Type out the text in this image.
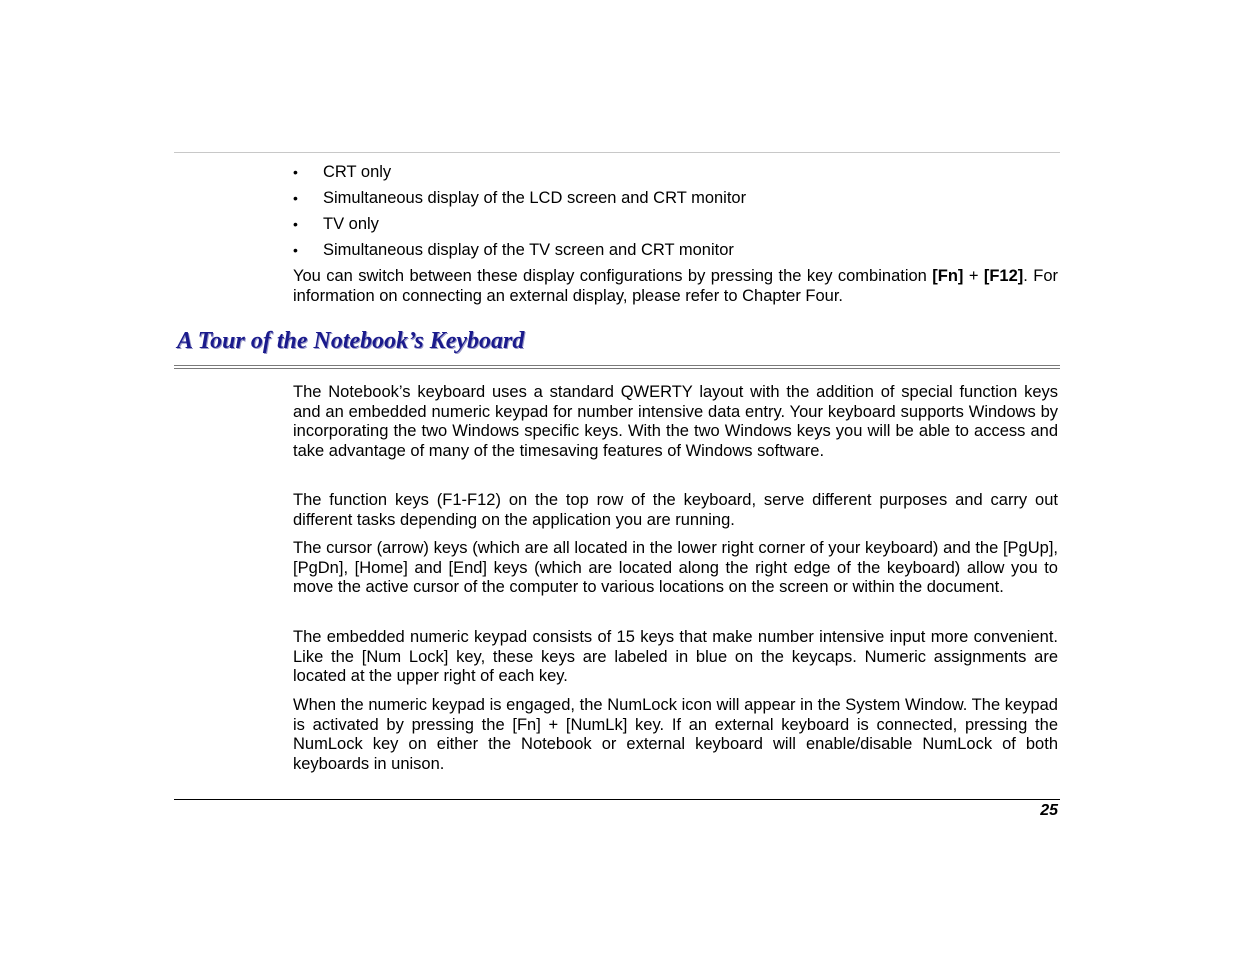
• CRT only
• Simultaneous display of the LCD screen and CRT monitor
• TV only
• Simultaneous display of the TV screen and CRT monitor

You can switch between these display configurations by pressing the key combination [Fn] + [F12]. For information on connecting an external display, please refer to Chapter Four.

A Tour of the Notebook’s Keyboard

The Notebook’s keyboard uses a standard QWERTY layout with the addition of special function keys and an embedded numeric keypad for number intensive data entry. Your keyboard supports Windows by incorporating the two Windows specific keys. With the two Windows keys you will be able to access and take advantage of many of the timesaving features of Windows software.

The function keys (F1-F12) on the top row of the keyboard, serve different purposes and carry out different tasks depending on the application you are running.

The cursor (arrow) keys (which are all located in the lower right corner of your keyboard) and the [PgUp], [PgDn], [Home] and [End] keys (which are located along the right edge of the keyboard) allow you to move the active cursor of the computer to various locations on the screen or within the document.

The embedded numeric keypad consists of 15 keys that make number intensive input more convenient. Like the [Num Lock] key, these keys are labeled in blue on the keycaps. Numeric assignments are located at the upper right of each key.

When the numeric keypad is engaged, the NumLock icon will appear in the System Window. The keypad is activated by pressing the [Fn] + [NumLk] key. If an external keyboard is connected, pressing the NumLock key on either the Notebook or external keyboard will enable/disable NumLock of both keyboards in unison.

25
